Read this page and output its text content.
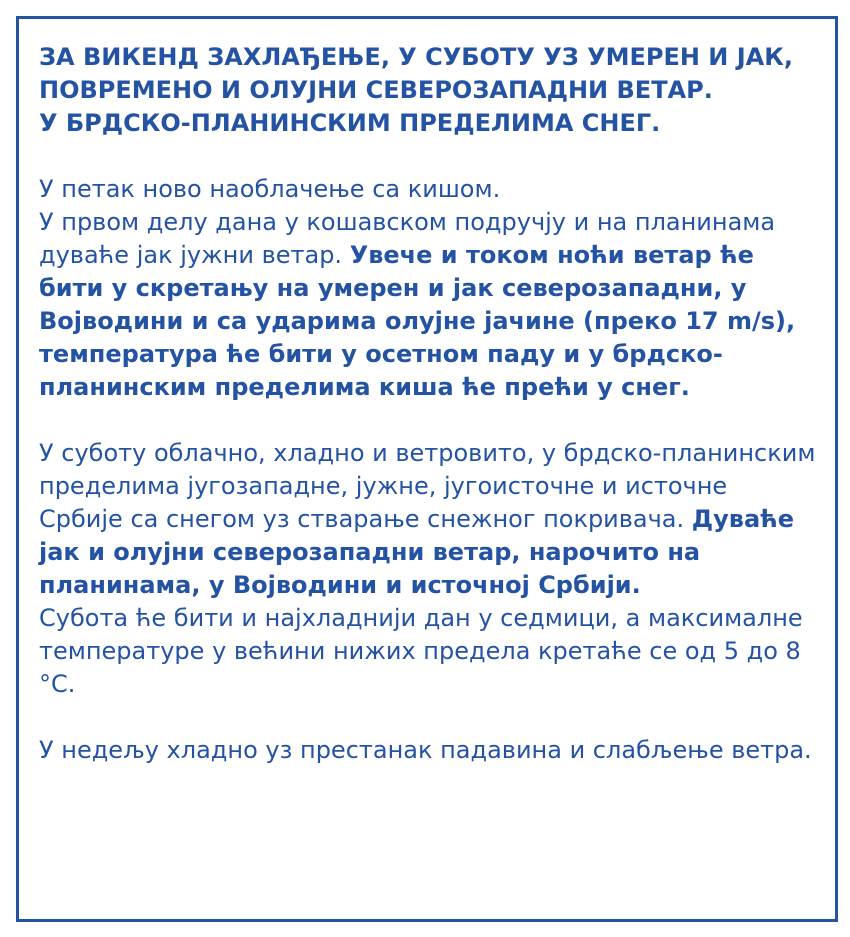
ЗА ВИКЕНД ЗАХЛАЂЕЊЕ, У СУБОТУ УЗ УМЕРЕН И ЈАК, ПОВРЕМЕНО И ОЛУЈНИ СЕВЕРОЗАПАДНИ ВЕТАР.
У БРДСКО-ПЛАНИНСКИМ ПРЕДЕЛИМА СНЕГ.

У петак ново наоблачење са кишом.
У првом делу дана у кошавском подручју и на планинама дуваће јак јужни ветар. Увече и током ноћи ветар ће бити у скретању на умерен и јак северозападни, у Војводини и са ударима олујне јачине (преко 17 m/s), температура ће бити у осетном паду и у брдско-планинским пределима киша ће прећи у снег.

У суботу облачно, хладно и ветровито, у брдско-планинским пределима југозападне, јужне, југоисточне и источне Србије са снегом уз стварање снежног покривача. Дуваће јак и олујни северозападни ветар, нарочито на планинама, у Војводини и источној Србији.
Субота ће бити и најхладнији дан у седмици, а максималне температуре у већини нижих предела кретаће се од 5 до 8 °C.

У недељу хладно уз престанак падавина и слабљење ветра.
